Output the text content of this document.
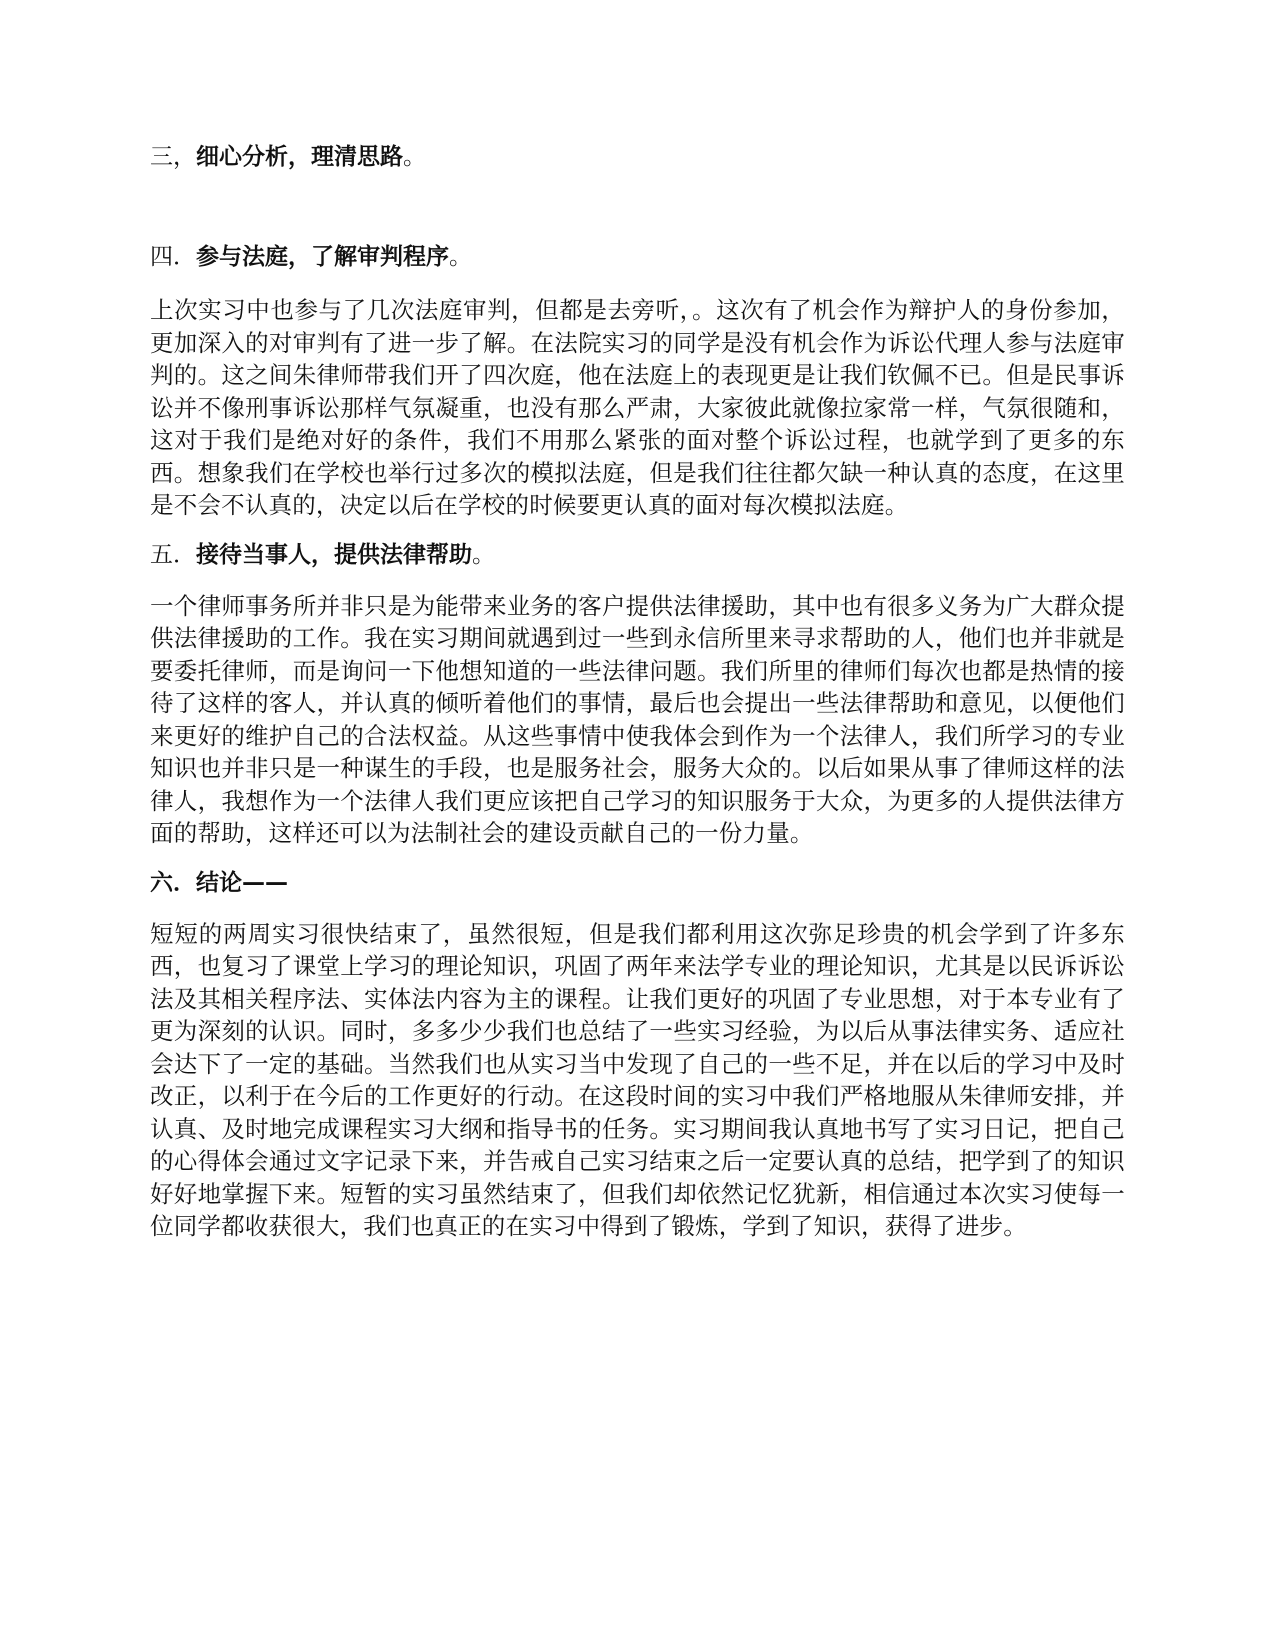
三，细心分析，理清思路。

四．参与法庭，了解审判程序。

上次实习中也参与了几次法庭审判，但都是去旁听，。这次有了机会作为辩护人的身份参加，更加深入的对审判有了进一步了解。在法院实习的同学是没有机会作为诉讼代理人参与法庭审判的。这之间朱律师带我们开了四次庭，他在法庭上的表现更是让我们钦佩不已。但是民事诉讼并不像刑事诉讼那样气氛凝重，也没有那么严肃，大家彼此就像拉家常一样，气氛很随和，这对于我们是绝对好的条件，我们不用那么紧张的面对整个诉讼过程，也就学到了更多的东西。想象我们在学校也举行过多次的模拟法庭，但是我们往往都欠缺一种认真的态度，在这里是不会不认真的，决定以后在学校的时候要更认真的面对每次模拟法庭。

五．接待当事人，提供法律帮助。

一个律师事务所并非只是为能带来业务的客户提供法律援助，其中也有很多义务为广大群众提供法律援助的工作。我在实习期间就遇到过一些到永信所里来寻求帮助的人，他们也并非就是要委托律师，而是询问一下他想知道的一些法律问题。我们所里的律师们每次也都是热情的接待了这样的客人，并认真的倾听着他们的事情，最后也会提出一些法律帮助和意见，以便他们来更好的维护自己的合法权益。从这些事情中使我体会到作为一个法律人，我们所学习的专业知识也并非只是一种谋生的手段，也是服务社会，服务大众的。以后如果从事了律师这样的法律人，我想作为一个法律人我们更应该把自己学习的知识服务于大众，为更多的人提供法律方面的帮助，这样还可以为法制社会的建设贡献自己的一份力量。

六．结论——

短短的两周实习很快结束了，虽然很短，但是我们都利用这次弥足珍贵的机会学到了许多东西，也复习了课堂上学习的理论知识，巩固了两年来法学专业的理论知识，尤其是以民诉诉讼法及其相关程序法、实体法内容为主的课程。让我们更好的巩固了专业思想，对于本专业有了更为深刻的认识。同时，多多少少我们也总结了一些实习经验，为以后从事法律实务、适应社会达下了一定的基础。当然我们也从实习当中发现了自己的一些不足，并在以后的学习中及时改正，以利于在今后的工作更好的行动。在这段时间的实习中我们严格地服从朱律师安排，并认真、及时地完成课程实习大纲和指导书的任务。实习期间我认真地书写了实习日记，把自己的心得体会通过文字记录下来，并告戒自己实习结束之后一定要认真的总结，把学到了的知识好好地掌握下来。短暂的实习虽然结束了，但我们却依然记忆犹新，相信通过本次实习使每一位同学都收获很大，我们也真正的在实习中得到了锻炼，学到了知识，获得了进步。
